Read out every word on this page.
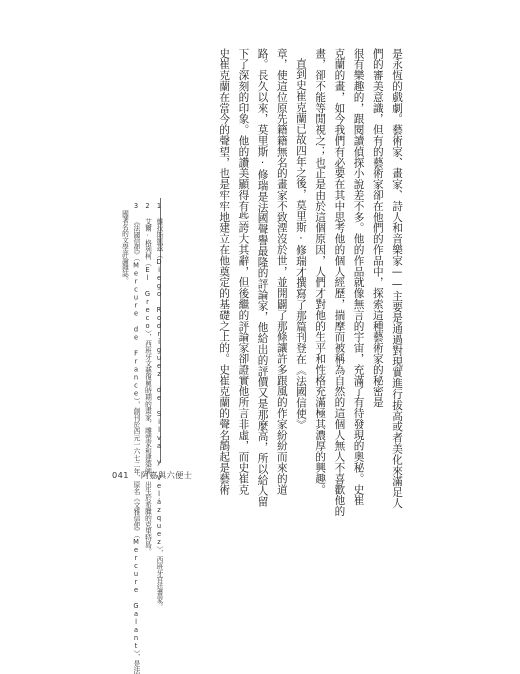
是永恆的戲劇。藝術家、畫家、詩人和音樂家——主要是通過對現實進行拔高或者美化來滿足人
們的審美意識，但有的藝術家卻在他們的作品中，探索這種藝術家的秘密是
很有樂趣的，跟閱讀偵探小說差不多。他的作品就像無言的宇宙，充滿了有待發現的奧秘。史崔
克蘭的畫，如今我們有必要在其中思考他的個人經歷，揣摩而被稱為自然的這個人無人不喜歡他的
畫，卻不能等閒視之；也正是由於這個原因，人們才對他的生平和性格充滿極其濃厚的興趣。
直到史崔克蘭已故四年之後，莫里斯·修瑞才撰寫了那篇刊登在《法國信使》
章，使這位原先籍籍無名的畫家不致湮沒於世，並開闢了那條讓許多跟風的作家紛紛而來的道
路。長久以來，莫里斯·修瑞是法國聲譽最隆的評論家，他給出的評價又是那麼高，所以給人留
下了深刻的印象。他的讚美顯得有些誇大其辭，但後繼的評論家卻證實他所言非虛，而史崔克
史崔克蘭在當今的聲望，也是牢牢地建立在他奠定的基礎之上的。史崔克蘭的聲名鵲起是藝術
1 維拉斯凱茲（Diego Rodríguez de Silva y Velázquez），西班牙宮廷畫家。
2 艾爾·格列柯（El Greco），西班牙文藝復興時期的畫家、雕塑家和建築師，出生於希臘的克里特島。
3 《法國信使》（Mercure de France），創刊於西元一六七二年，原名《文雅信使》（Mercure Galant），是法
國著名的文學評論雜誌。
041 阿嘉與六便士
